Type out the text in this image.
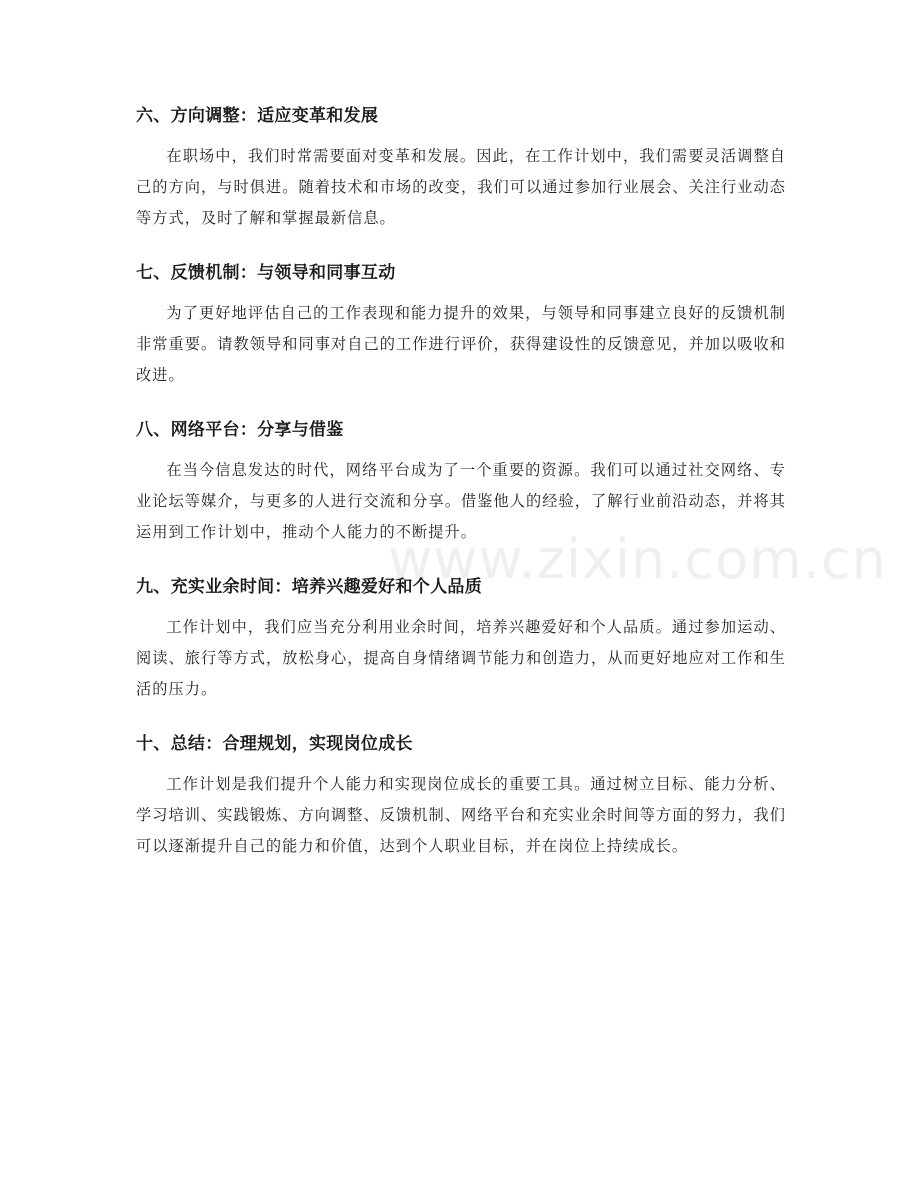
六、方向调整：适应变革和发展

在职场中，我们时常需要面对变革和发展。因此，在工作计划中，我们需要灵活调整自己的方向，与时俱进。随着技术和市场的改变，我们可以通过参加行业展会、关注行业动态等方式，及时了解和掌握最新信息。

七、反馈机制：与领导和同事互动

为了更好地评估自己的工作表现和能力提升的效果，与领导和同事建立良好的反馈机制非常重要。请教领导和同事对自己的工作进行评价，获得建设性的反馈意见，并加以吸收和改进。

八、网络平台：分享与借鉴

在当今信息发达的时代，网络平台成为了一个重要的资源。我们可以通过社交网络、专业论坛等媒介，与更多的人进行交流和分享。借鉴他人的经验，了解行业前沿动态，并将其运用到工作计划中，推动个人能力的不断提升。

九、充实业余时间：培养兴趣爱好和个人品质

工作计划中，我们应当充分利用业余时间，培养兴趣爱好和个人品质。通过参加运动、阅读、旅行等方式，放松身心，提高自身情绪调节能力和创造力，从而更好地应对工作和生活的压力。

十、总结：合理规划，实现岗位成长

工作计划是我们提升个人能力和实现岗位成长的重要工具。通过树立目标、能力分析、学习培训、实践锻炼、方向调整、反馈机制、网络平台和充实业余时间等方面的努力，我们可以逐渐提升自己的能力和价值，达到个人职业目标，并在岗位上持续成长。

www.zixin.com.cn
